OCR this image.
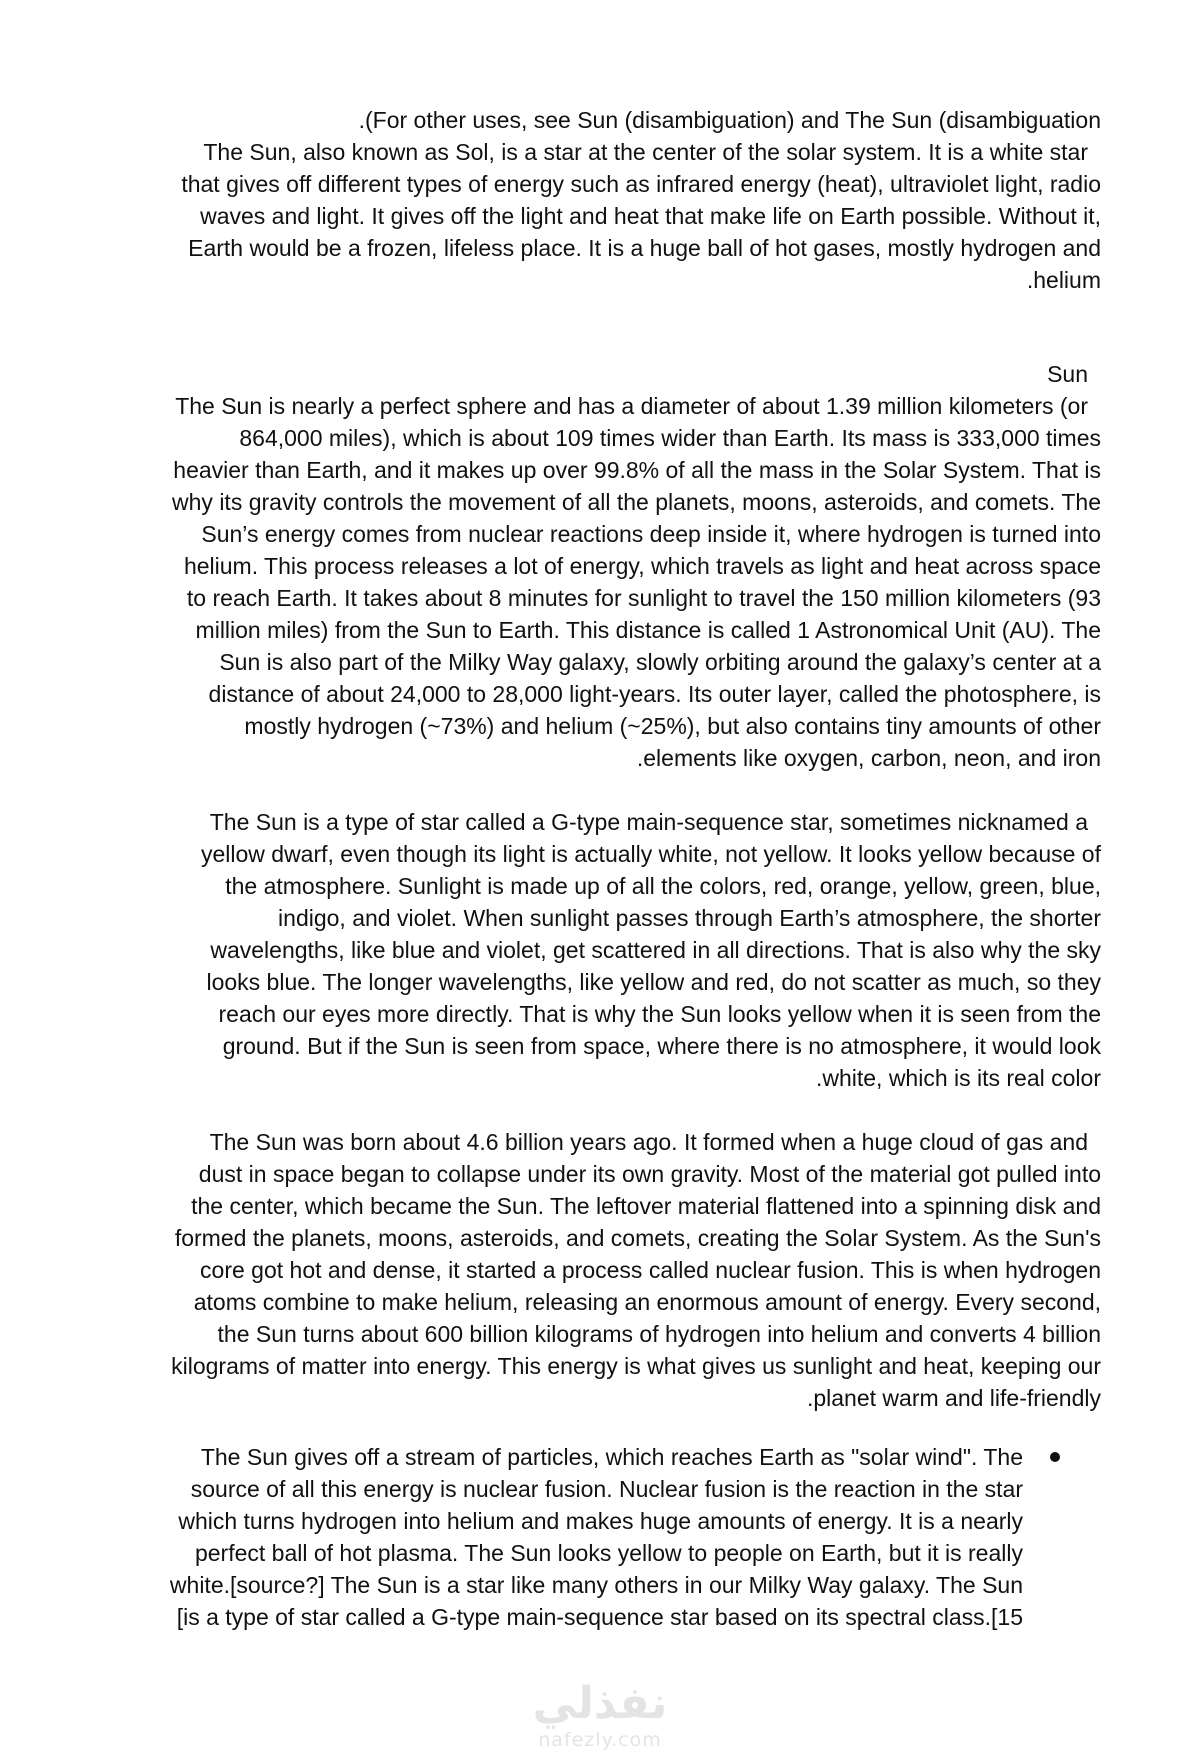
.(For other uses, see Sun (disambiguation) and The Sun (disambiguation
The Sun, also known as Sol, is a star at the center of the solar system. It is a white star
that gives off different types of energy such as infrared energy (heat), ultraviolet light, radio
waves and light. It gives off the light and heat that make life on Earth possible. Without it,
Earth would be a frozen, lifeless place. It is a huge ball of hot gases, mostly hydrogen and
.helium
Sun
The Sun is nearly a perfect sphere and has a diameter of about 1.39 million kilometers (or
864,000 miles), which is about 109 times wider than Earth. Its mass is 333,000 times
heavier than Earth, and it makes up over 99.8% of all the mass in the Solar System. That is
why its gravity controls the movement of all the planets, moons, asteroids, and comets. The
Sun’s energy comes from nuclear reactions deep inside it, where hydrogen is turned into
helium. This process releases a lot of energy, which travels as light and heat across space
to reach Earth. It takes about 8 minutes for sunlight to travel the 150 million kilometers (93
million miles) from the Sun to Earth. This distance is called 1 Astronomical Unit (AU). The
Sun is also part of the Milky Way galaxy, slowly orbiting around the galaxy’s center at a
distance of about 24,000 to 28,000 light-years. Its outer layer, called the photosphere, is
mostly hydrogen (~73%) and helium (~25%), but also contains tiny amounts of other
.elements like oxygen, carbon, neon, and iron
The Sun is a type of star called a G-type main-sequence star, sometimes nicknamed a
yellow dwarf, even though its light is actually white, not yellow. It looks yellow because of
the atmosphere. Sunlight is made up of all the colors, red, orange, yellow, green, blue,
indigo, and violet. When sunlight passes through Earth’s atmosphere, the shorter
wavelengths, like blue and violet, get scattered in all directions. That is also why the sky
looks blue. The longer wavelengths, like yellow and red, do not scatter as much, so they
reach our eyes more directly. That is why the Sun looks yellow when it is seen from the
ground. But if the Sun is seen from space, where there is no atmosphere, it would look
.white, which is its real color
The Sun was born about 4.6 billion years ago. It formed when a huge cloud of gas and
dust in space began to collapse under its own gravity. Most of the material got pulled into
the center, which became the Sun. The leftover material flattened into a spinning disk and
formed the planets, moons, asteroids, and comets, creating the Solar System. As the Sun's
core got hot and dense, it started a process called nuclear fusion. This is when hydrogen
atoms combine to make helium, releasing an enormous amount of energy. Every second,
the Sun turns about 600 billion kilograms of hydrogen into helium and converts 4 billion
kilograms of matter into energy. This energy is what gives us sunlight and heat, keeping our
.planet warm and life-friendly
The Sun gives off a stream of particles, which reaches Earth as "solar wind". The
source of all this energy is nuclear fusion. Nuclear fusion is the reaction in the star
which turns hydrogen into helium and makes huge amounts of energy. It is a nearly
perfect ball of hot plasma. The Sun looks yellow to people on Earth, but it is really
white.[source?] The Sun is a star like many others in our Milky Way galaxy. The Sun
[is a type of star called a G-type main-sequence star based on its spectral class.[15
نفذلي
nafezly.com
